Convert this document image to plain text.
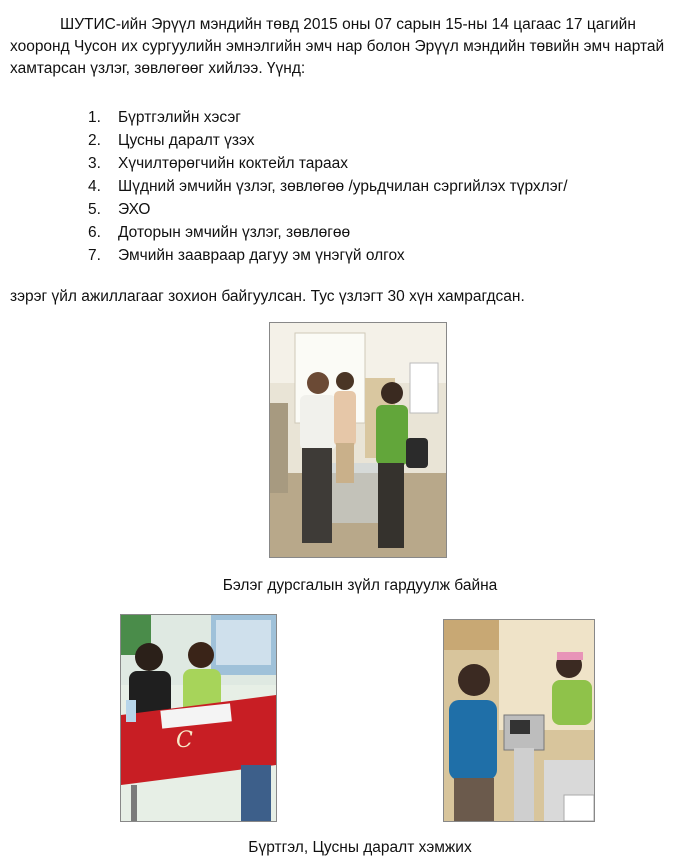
ШУТИС-ийн Эрүүл мэндийн төвд 2015 оны 07 сарын 15-ны 14 цагаас 17 цагийн хооронд Чусон их сургуулийн эмнэлгийн эмч нар болон Эрүүл мэндийн төвийн эмч нартай хамтарсан үзлэг, зөвлөгөөг хийлээ. Үүнд:

1.	Бүртгэлийн хэсэг
2.	Цусны даралт үзэх
3.	Хүчилтөрөгчийн коктейл тараах
4.	Шүдний эмчийн үзлэг, зөвлөгөө /урьдчилан сэргийлэх түрхлэг/
5.	ЭХО
6.	Доторын эмчийн үзлэг, зөвлөгөө
7.	Эмчийн заавраар дагуу эм үнэгүй олгох

зэрэг үйл ажиллагааг зохион байгуулсан. Тус үзлэгт 30 хүн хамрагдсан.

Бэлэг дурсгалын зүйл гардуулж байна

C

Бүртгэл, Цусны даралт хэмжих
